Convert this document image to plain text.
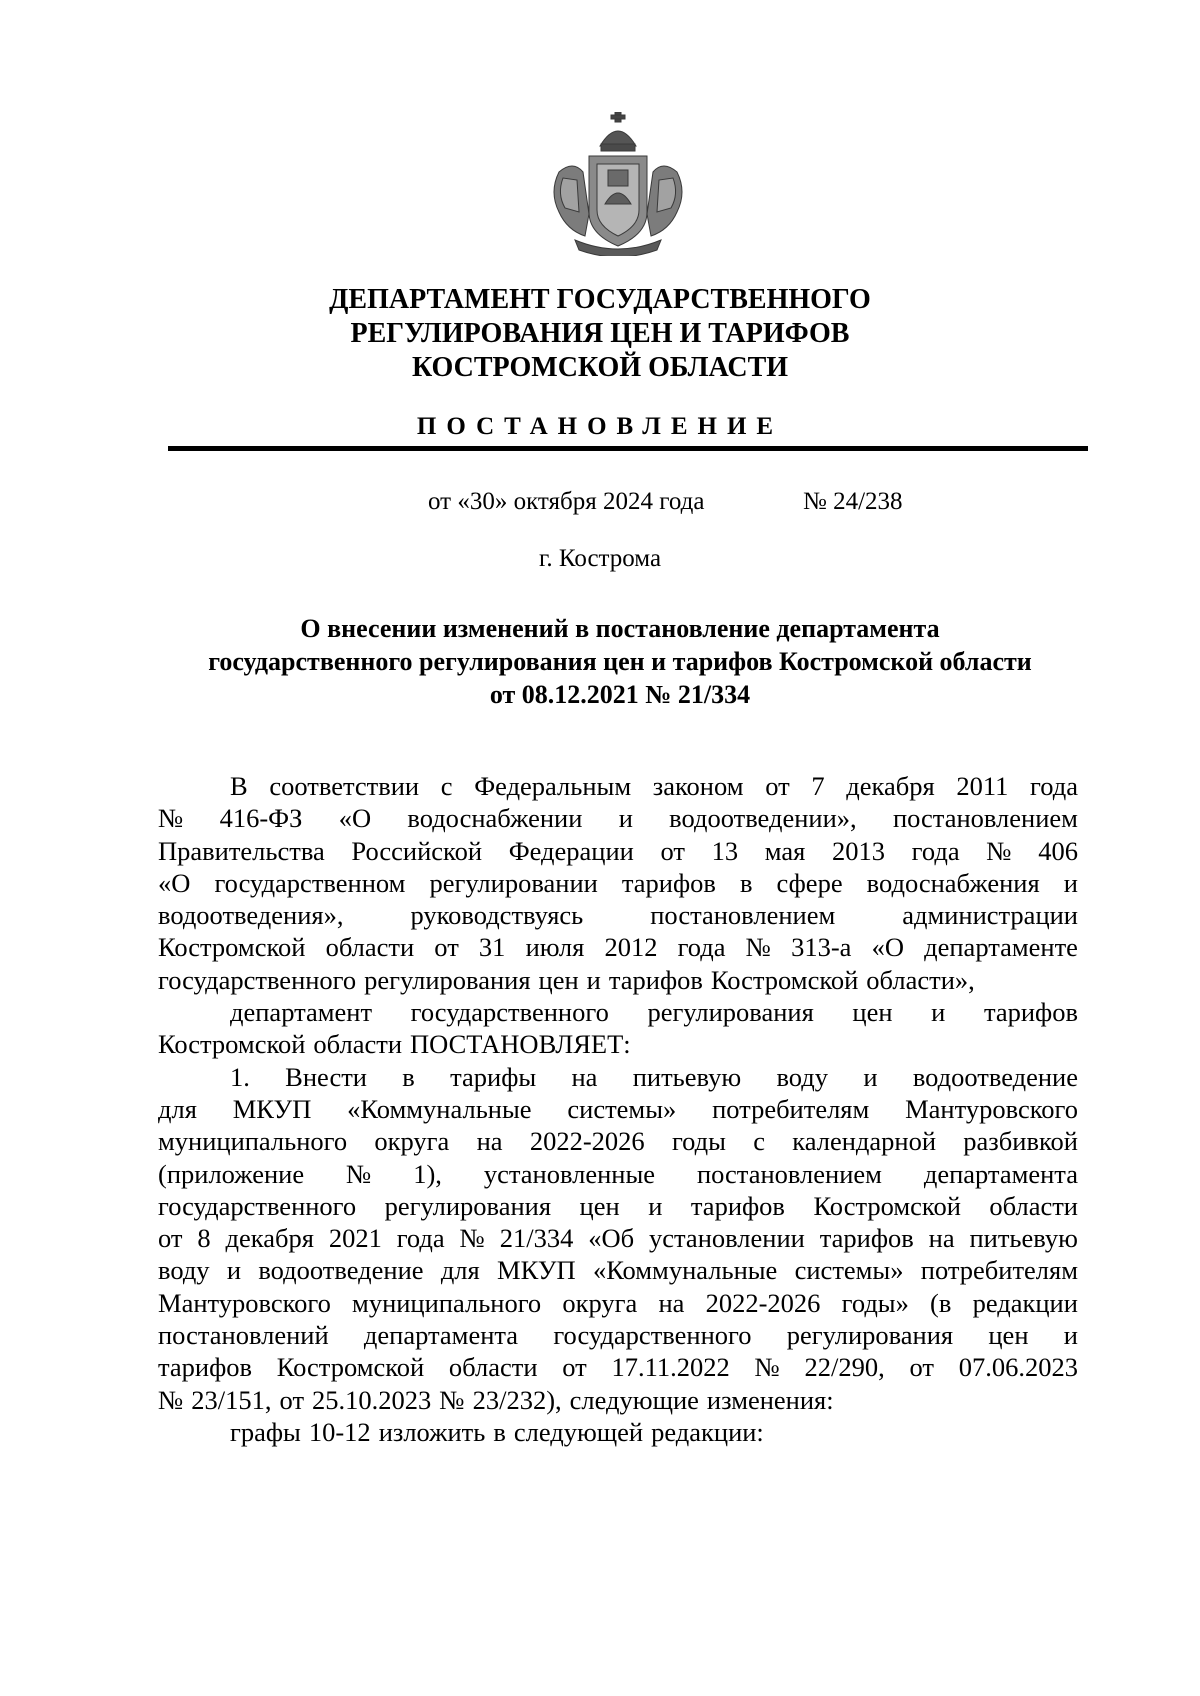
ДЕПАРТАМЕНТ ГОСУДАРСТВЕННОГО
РЕГУЛИРОВАНИЯ ЦЕН И ТАРИФОВ
КОСТРОМСКОЙ ОБЛАСТИ
ПОСТАНОВЛЕНИЕ
от «30» октября 2024 года	№ 24/238
г. Кострома
О внесении изменений в постановление департамента
государственного регулирования цен и тарифов Костромской области
от 08.12.2021 № 21/334
В соответствии с Федеральным законом от 7 декабря 2011 года
№ 416-ФЗ «О водоснабжении и водоотведении», постановлением
Правительства Российской Федерации от 13 мая 2013 года № 406
«О государственном регулировании тарифов в сфере водоснабжения и
водоотведения»,	руководствуясь	постановлением	администрации
Костромской области от 31 июля 2012 года № 313-а «О департаменте
государственного регулирования цен и тарифов Костромской области»,
департамент государственного регулирования цен и тарифов
Костромской области ПОСТАНОВЛЯЕТ:
1. Внести в тарифы на питьевую воду и водоотведение
для МКУП «Коммунальные системы» потребителям Мантуровского
муниципального округа на 2022-2026 годы с календарной разбивкой
(приложение № 1), установленные постановлением департамента
государственного регулирования цен и тарифов Костромской области
от 8 декабря 2021 года № 21/334 «Об установлении тарифов на питьевую
воду и водоотведение для МКУП «Коммунальные системы» потребителям
Мантуровского муниципального округа на 2022-2026 годы» (в редакции
постановлений департамента государственного регулирования цен и
тарифов Костромской области от 17.11.2022 № 22/290, от 07.06.2023
№ 23/151, от 25.10.2023 № 23/232), следующие изменения:
графы 10-12 изложить в следующей редакции:
